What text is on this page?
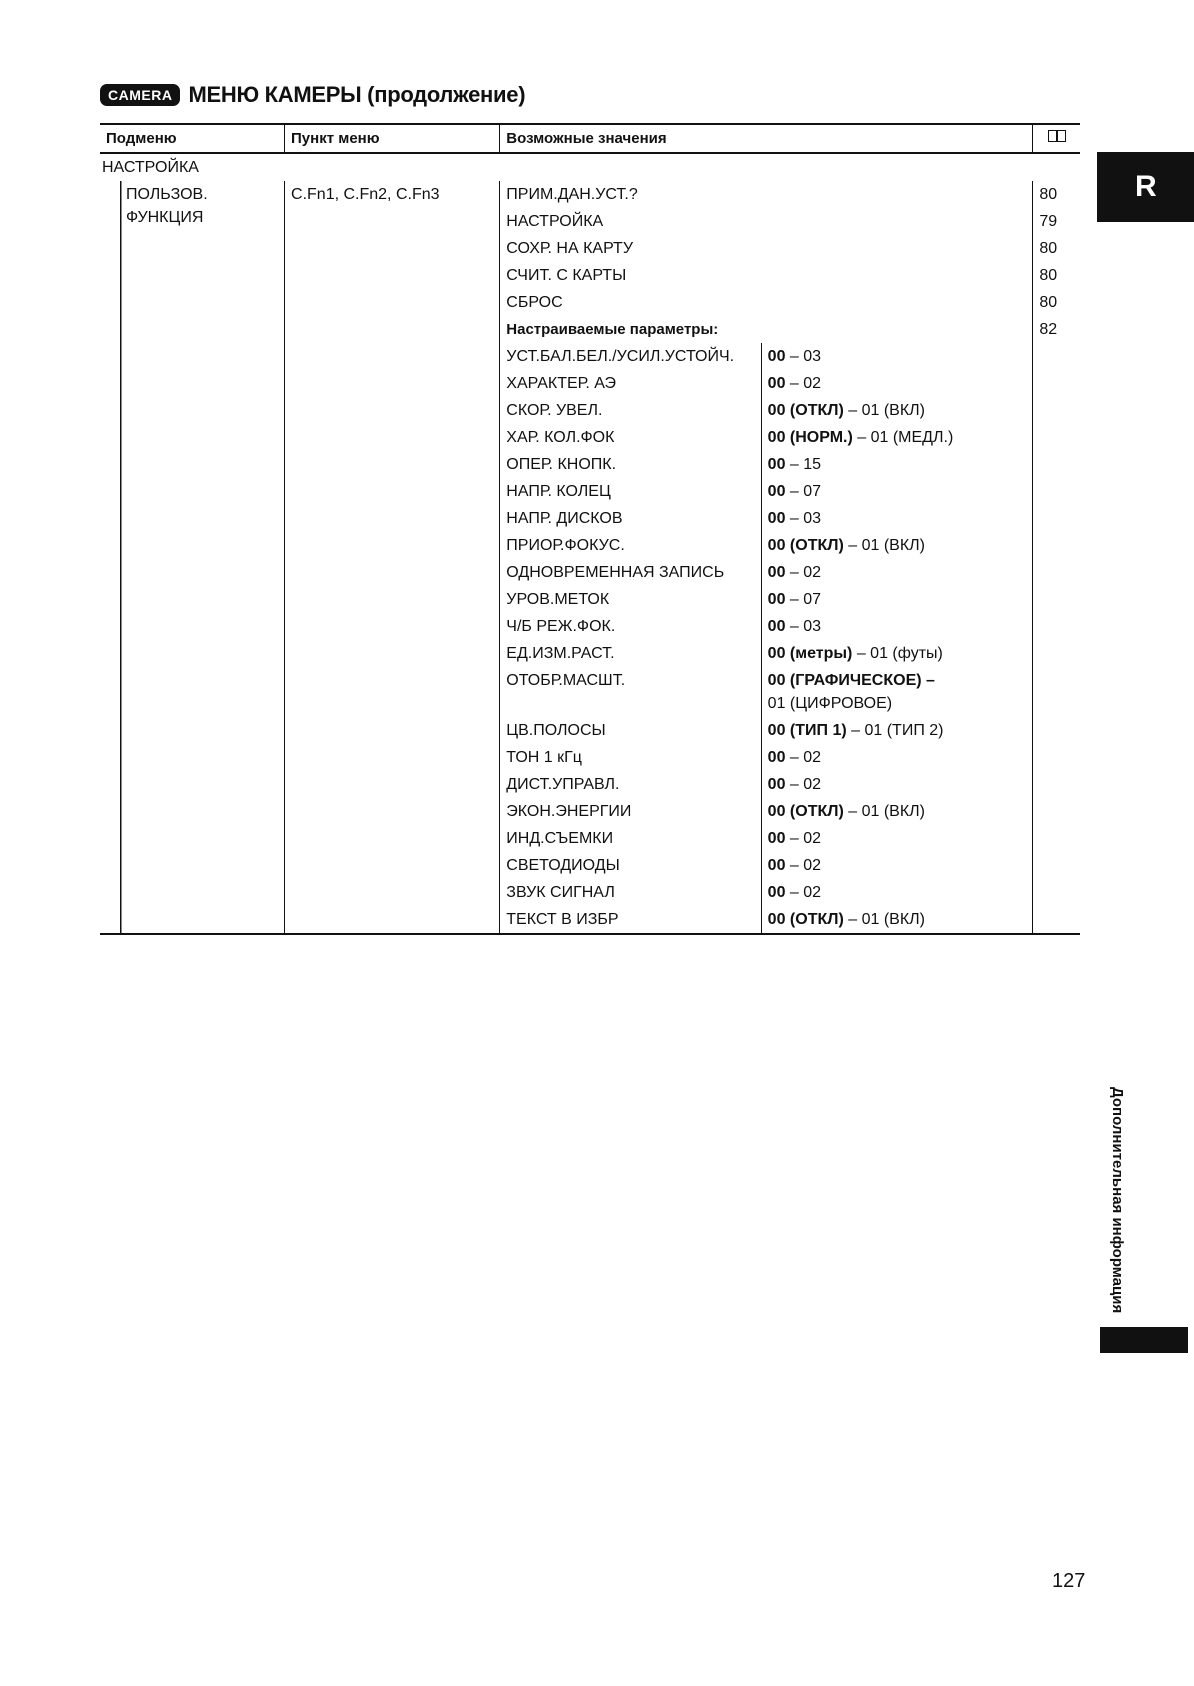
CAMERA МЕНЮ КАМЕРЫ (продолжение)
R
Дополнительная информация
127
Подменю	Пункт меню	Возможные значения		
НАСТРОЙКА				

ПОЛЬЗОВ.
ФУНКЦИЯ	C.Fn1, C.Fn2, C.Fn3	ПРИМ.ДАН.УСТ.?		80
		НАСТРОЙКА		79
		СОХР. НА КАРТУ		80
		СЧИТ. С КАРТЫ		80
		СБРОС		80
		Настраиваемые параметры:		82
		УСТ.БАЛ.БЕЛ./УСИЛ.УСТОЙЧ.	00 – 03	
		ХАРАКТЕР. АЭ	00 – 02	
		СКОР. УВЕЛ.	00 (ОТКЛ) – 01 (ВКЛ)	
		ХАР. КОЛ.ФОК	00 (НОРМ.) – 01 (МЕДЛ.)	
		ОПЕР. КНОПК.	00 – 15	
		НАПР. КОЛЕЦ	00 – 07	
		НАПР. ДИСКОВ	00 – 03	
		ПРИОР.ФОКУС.	00 (ОТКЛ) – 01 (ВКЛ)	
		ОДНОВРЕМЕННАЯ ЗАПИСЬ	00 – 02	
		УРОВ.МЕТОК	00 – 07	
		Ч/Б РЕЖ.ФОК.	00 – 03	
		ЕД.ИЗМ.РАСТ.	00 (метры) – 01 (футы)	
		ОТОБР.МАСШТ.	00 (ГРАФИЧЕСКОЕ) –
01 (ЦИФРОВОЕ)	

		ЦВ.ПОЛОСЫ	00 (ТИП 1) – 01 (ТИП 2)	
		ТОН 1 кГц	00 – 02	
		ДИСТ.УПРАВЛ.	00 – 02	
		ЭКОН.ЭНЕРГИИ	00 (ОТКЛ) – 01 (ВКЛ)	
		ИНД.СЪЕМКИ	00 – 02	
		СВЕТОДИОДЫ	00 – 02	
		ЗВУК СИГНАЛ	00 – 02	
		ТЕКСТ В ИЗБР	00 (ОТКЛ) – 01 (ВКЛ)	
